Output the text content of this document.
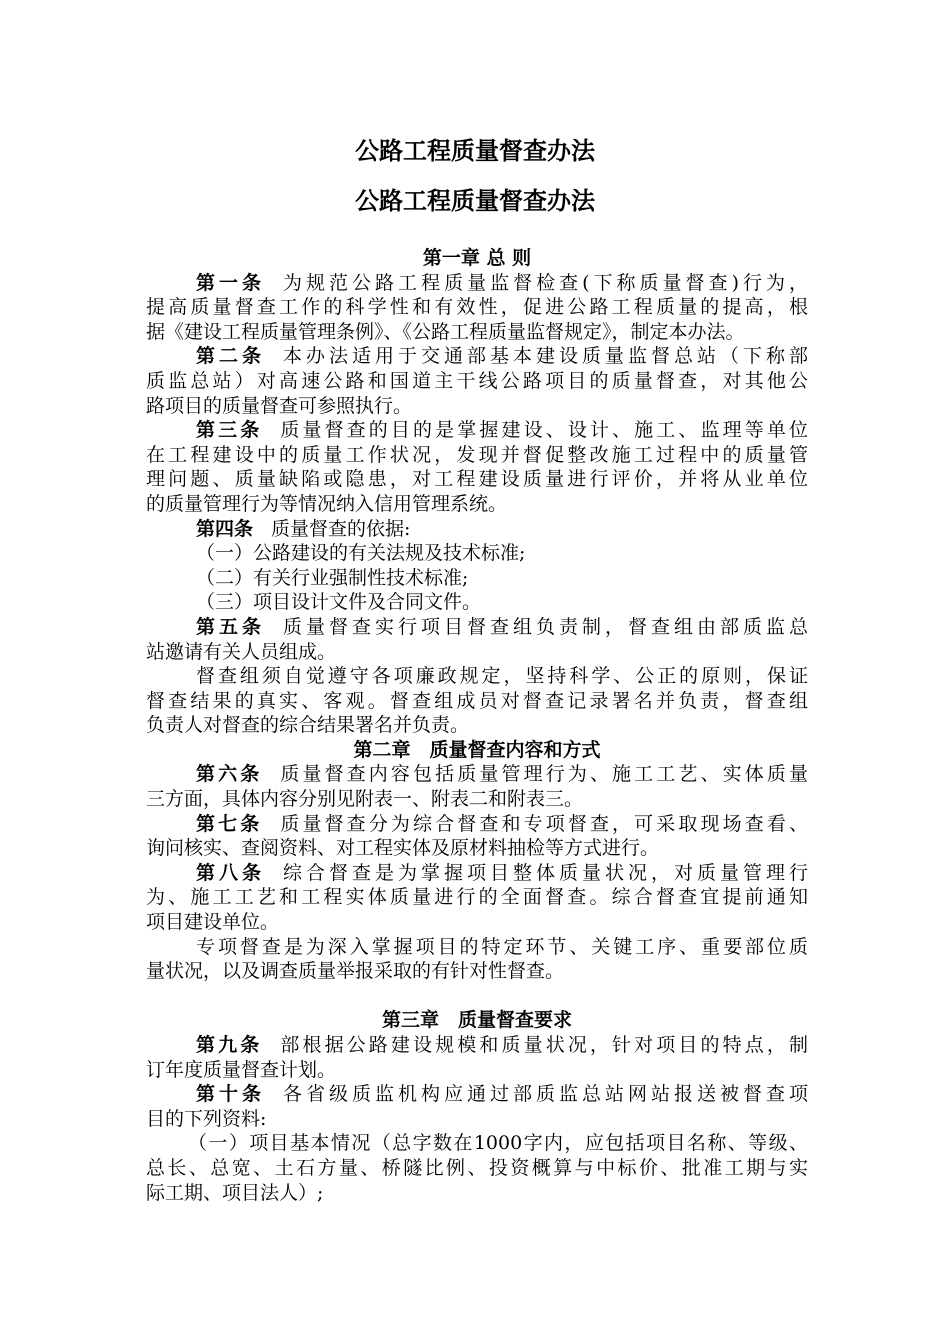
公路工程质量督查办法
公路工程质量督查办法
第一章 总 则
第一条 为规范公路工程质量监督检查(下称质量督查)行为，
提高质量督查工作的科学性和有效性，促进公路工程质量的提高，根
据《建设工程质量管理条例》、《公路工程质量监督规定》，制定本办法。
第二条 本办法适用于交通部基本建设质量监督总站（下称部
质监总站）对高速公路和国道主干线公路项目的质量督查，对其他公
路项目的质量督查可参照执行。
第三条 质量督查的目的是掌握建设、设计、施工、监理等单位
在工程建设中的质量工作状况，发现并督促整改施工过程中的质量管
理问题、质量缺陷或隐患，对工程建设质量进行评价，并将从业单位
的质量管理行为等情况纳入信用管理系统。
第四条 质量督查的依据:
（一）公路建设的有关法规及技术标准;
（二）有关行业强制性技术标准;
（三）项目设计文件及合同文件。
第五条 质量督查实行项目督查组负责制，督查组由部质监总
站邀请有关人员组成。
督查组须自觉遵守各项廉政规定，坚持科学、公正的原则，保证
督查结果的真实、客观。督查组成员对督查记录署名并负责，督查组
负责人对督查的综合结果署名并负责。
第二章　质量督查内容和方式
第六条 质量督查内容包括质量管理行为、施工工艺、实体质量
三方面，具体内容分别见附表一、附表二和附表三。
第七条 质量督查分为综合督查和专项督查，可采取现场查看、
询问核实、查阅资料、对工程实体及原材料抽检等方式进行。
第八条 综合督查是为掌握项目整体质量状况，对质量管理行
为、施工工艺和工程实体质量进行的全面督查。综合督查宜提前通知
项目建设单位。
专项督查是为深入掌握项目的特定环节、关键工序、重要部位质
量状况，以及调查质量举报采取的有针对性督查。
第三章　质量督查要求
第九条 部根据公路建设规模和质量状况，针对项目的特点，制
订年度质量督查计划。
第十条 各省级质监机构应通过部质监总站网站报送被督查项
目的下列资料:
（一）项目基本情况（总字数在1000字内，应包括项目名称、等级、
总长、总宽、土石方量、桥隧比例、投资概算与中标价、批准工期与实
际工期、项目法人）;
